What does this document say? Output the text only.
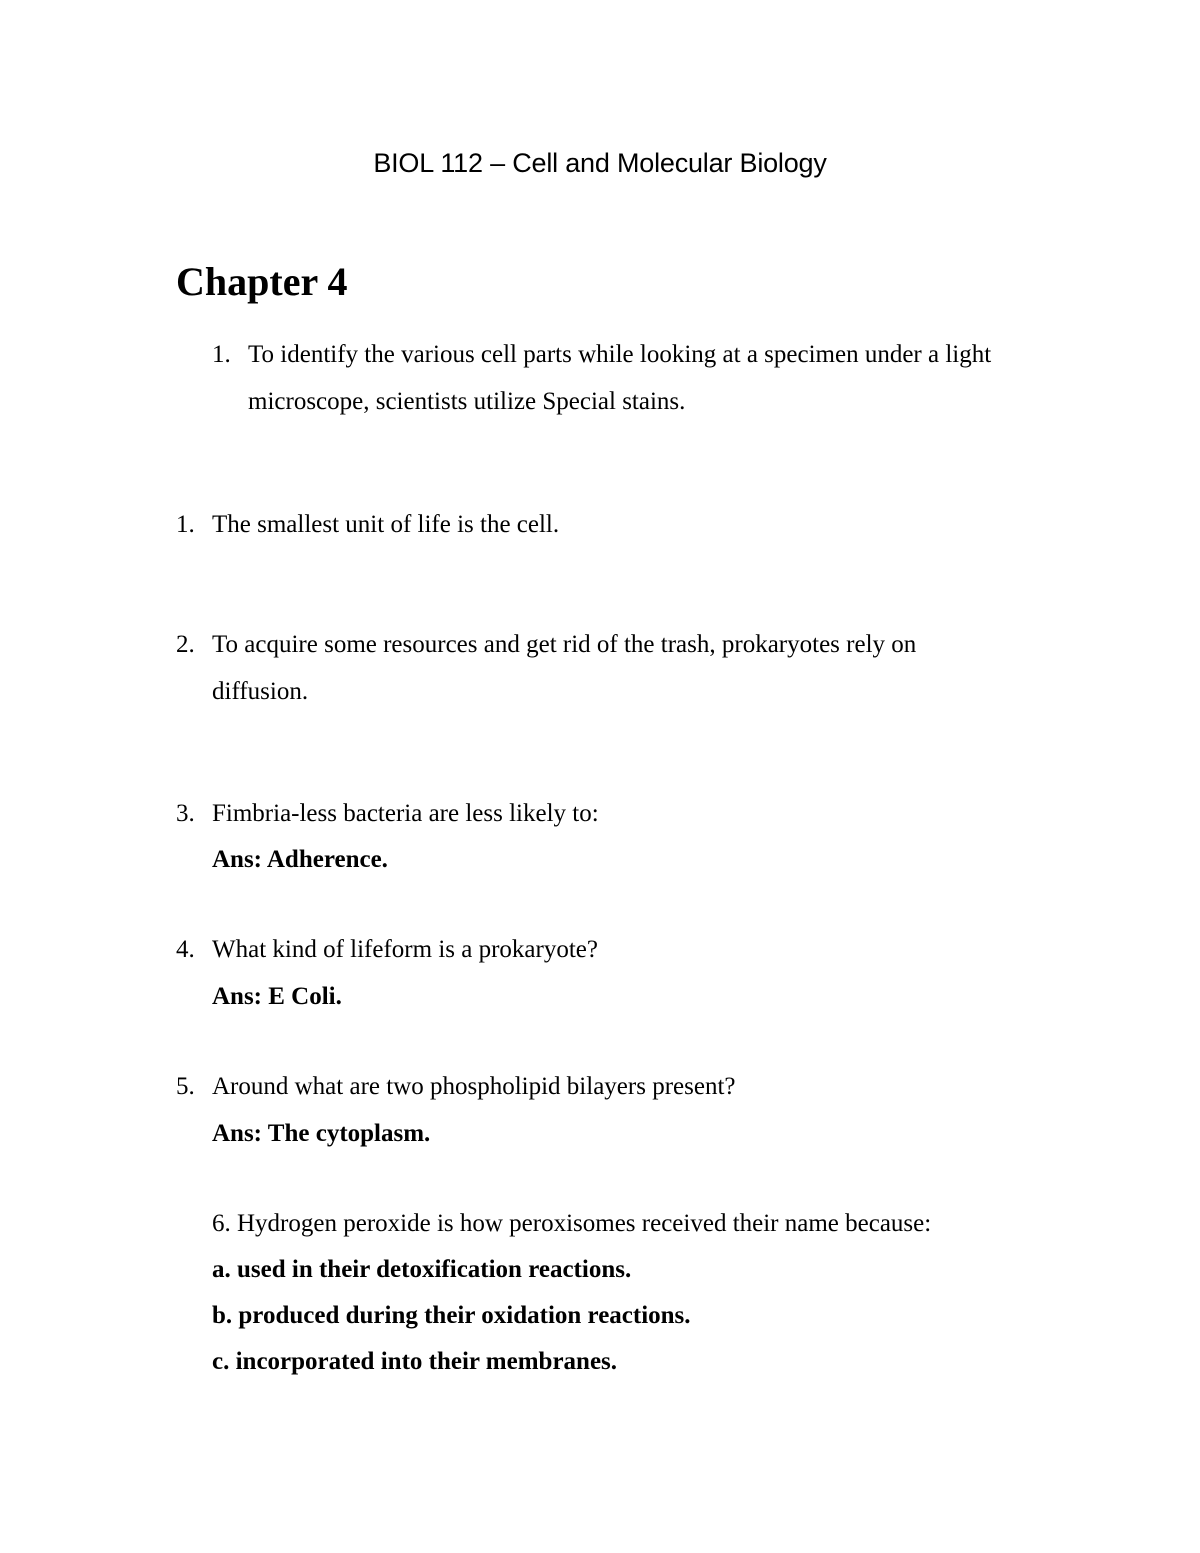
BIOL 112 – Cell and Molecular Biology
Chapter 4
1. To identify the various cell parts while looking at a specimen under a light
microscope, scientists utilize Special stains.
1. The smallest unit of life is the cell.
2. To acquire some resources and get rid of the trash, prokaryotes rely on
diffusion.
3. Fimbria-less bacteria are less likely to:
Ans: Adherence.
4. What kind of lifeform is a prokaryote?
Ans: E Coli.
5. Around what are two phospholipid bilayers present?
Ans: The cytoplasm.
6. Hydrogen peroxide is how peroxisomes received their name because:
a. used in their detoxification reactions.
b. produced during their oxidation reactions.
c. incorporated into their membranes.
